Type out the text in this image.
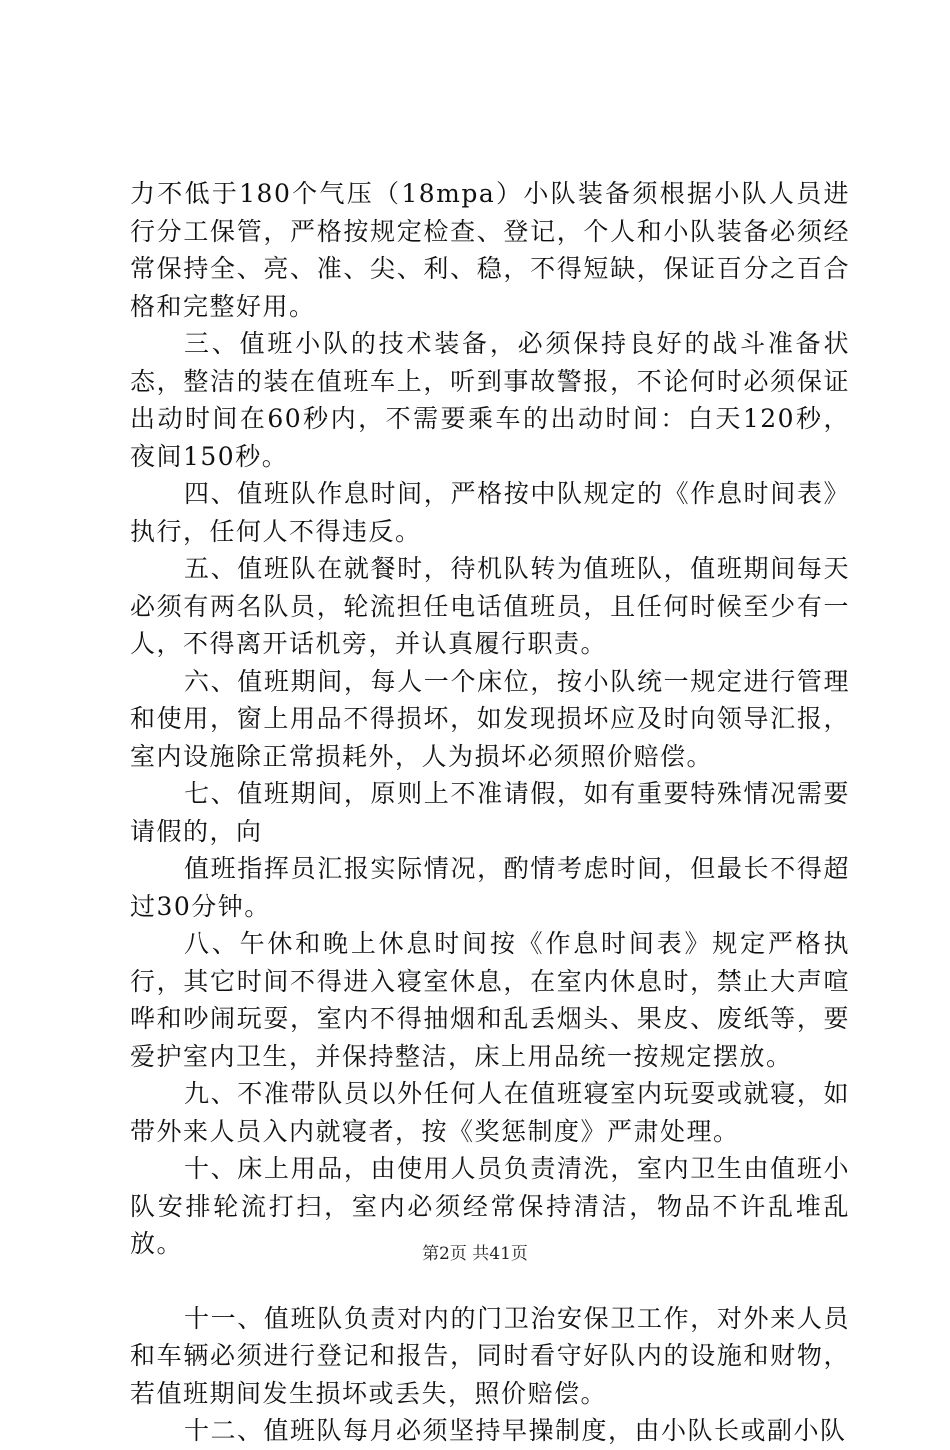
力不低于180个气压（18mpa）小队装备须根据小队人员进行分工保管，严格按规定检查、登记，个人和小队装备必须经常保持全、亮、准、尖、利、稳，不得短缺，保证百分之百合格和完整好用。

三、值班小队的技术装备，必须保持良好的战斗准备状态，整洁的装在值班车上，听到事故警报，不论何时必须保证出动时间在60秒内，不需要乘车的出动时间：白天120秒，夜间150秒。

四、值班队作息时间，严格按中队规定的《作息时间表》执行，任何人不得违反。

五、值班队在就餐时，待机队转为值班队，值班期间每天必须有两名队员，轮流担任电话值班员，且任何时候至少有一人，不得离开话机旁，并认真履行职责。

六、值班期间，每人一个床位，按小队统一规定进行管理和使用，窗上用品不得损坏，如发现损坏应及时向领导汇报，室内设施除正常损耗外，人为损坏必须照价赔偿。

七、值班期间，原则上不准请假，如有重要特殊情况需要请假的，向

值班指挥员汇报实际情况，酌情考虑时间，但最长不得超过30分钟。

八、午休和晚上休息时间按《作息时间表》规定严格执行，其它时间不得进入寝室休息，在室内休息时，禁止大声喧哗和吵闹玩耍，室内不得抽烟和乱丢烟头、果皮、废纸等，要爱护室内卫生，并保持整洁，床上用品统一按规定摆放。

九、不准带队员以外任何人在值班寝室内玩耍或就寝，如带外来人员入内就寝者，按《奖惩制度》严肃处理。

十、床上用品，由使用人员负责清洗，室内卫生由值班小队安排轮流打扫，室内必须经常保持清洁，物品不许乱堆乱放。

十一、值班队负责对内的门卫治安保卫工作，对外来人员和车辆必须进行登记和报告，同时看守好队内的设施和财物，若值班期间发生损坏或丢失，照价赔偿。

十二、值班队每月必须坚持早操制度，由小队长或副小队

第2页 共41页
